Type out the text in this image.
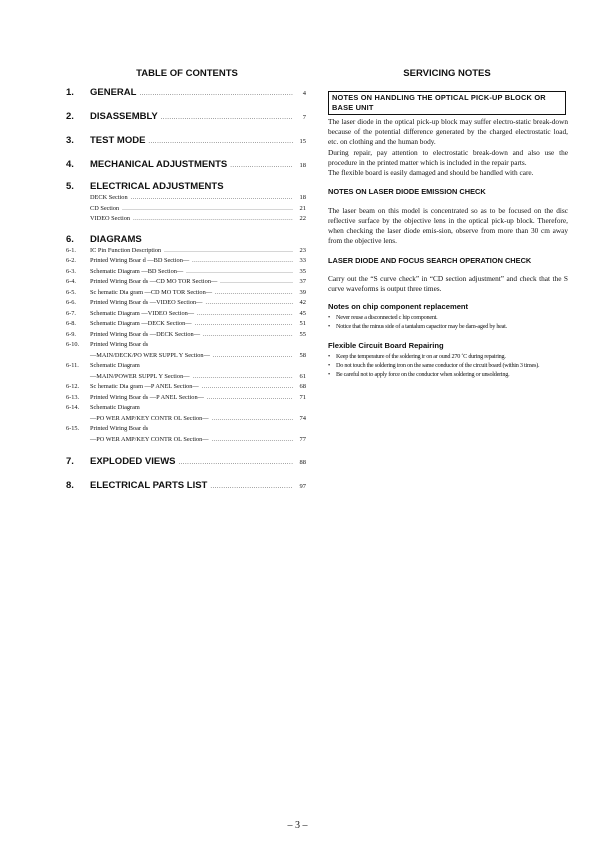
TABLE OF CONTENTS	SERVICING NOTES
1.	GENERAL .....	4
2.	DISASSEMBLY .....	7
3.	TEST MODE .....	15
4.	MECHANICAL ADJUSTMENTS .....	18
5.	ELECTRICAL ADJUSTMENTS
DECK Section .....	18
CD Section .....	21
VIDEO Section .....	22
6.	DIAGRAMS
6-1.	IC Pin Function Description .....	23
6-2.	Printed Wiring Boar d —BD Section— .....	33
6-3.	Schematic Diagram —BD Section— .....	35
6-4.	Printed Wiring Boar ds —CD MO TOR Section— .....	37
6-5.	Sc hematic Dia gram —CD MO TOR Section— .....	39
6-6.	Printed Wiring Boar ds —VIDEO Section— .....	42
6-7.	Schematic Diagram —VIDEO Section— .....	45
6-8.	Schematic Diagram —DECK Section— .....	51
6-9.	Printed Wiring Boar ds —DECK Section— .....	55
6-10.	Printed Wiring Boar ds
—MAIN/DECK/PO WER SUPPL Y Section— .....	58
6-11.	Schematic Diagram
—MAIN/POWER SUPPL Y Section— .....	61
6-12.	Sc hematic Dia gram —P ANEL Section— .....	68
6-13.	Printed Wiring Boar ds —P ANEL Section— .....	71
6-14.	Schematic Diagram
—PO WER AMP/KEY CONTR OL Section— .....	74
6-15.	Printed Wiring Boar ds
—PO WER AMP/KEY CONTR OL Section— .....	77
7.	EXPLODED VIEWS .....	88
8.	ELECTRICAL PARTS LIST .....	97
NOTES ON HANDLING THE OPTICAL PICK-UP BLOCK OR BASE UNIT

The laser diode in the optical pick-up block may suffer electro-static break-down because of the potential difference generated by the charged electrostatic load, etc. on clothing and the human body.

During repair, pay attention to electrostatic break-down and also use the procedure in the printed matter which is included in the repair parts.

The flexible board is easily damaged and should be handled with care.

NOTES ON LASER DIODE EMISSION CHECK

The laser beam on this model is concentrated so as to be focused on the disc reflective surface by the objective lens in the optical pick-up block. Therefore, when checking the laser diode emis-sion, observe from more than 30 cm away from the objective lens.

LASER DIODE AND FOCUS SEARCH OPERATION CHECK

Carry out the “S curve check” in “CD section adjustment” and check that the S curve waveforms is output three times.

Notes on chip component replacement

• Never reuse a disconnected c hip component.
• Notice that the minus side of a tantalum capacitor may be dam-aged by heat.

Flexible Circuit Board Repairing

• Keep the temperature of the soldering ir on ar ound 270 ˚C during repairing.
• Do not touch the soldering iron on the same conductor of the circuit board (within 3 times).
• Be careful not to apply force on the conductor when soldering or unsoldering.
– 3 –
